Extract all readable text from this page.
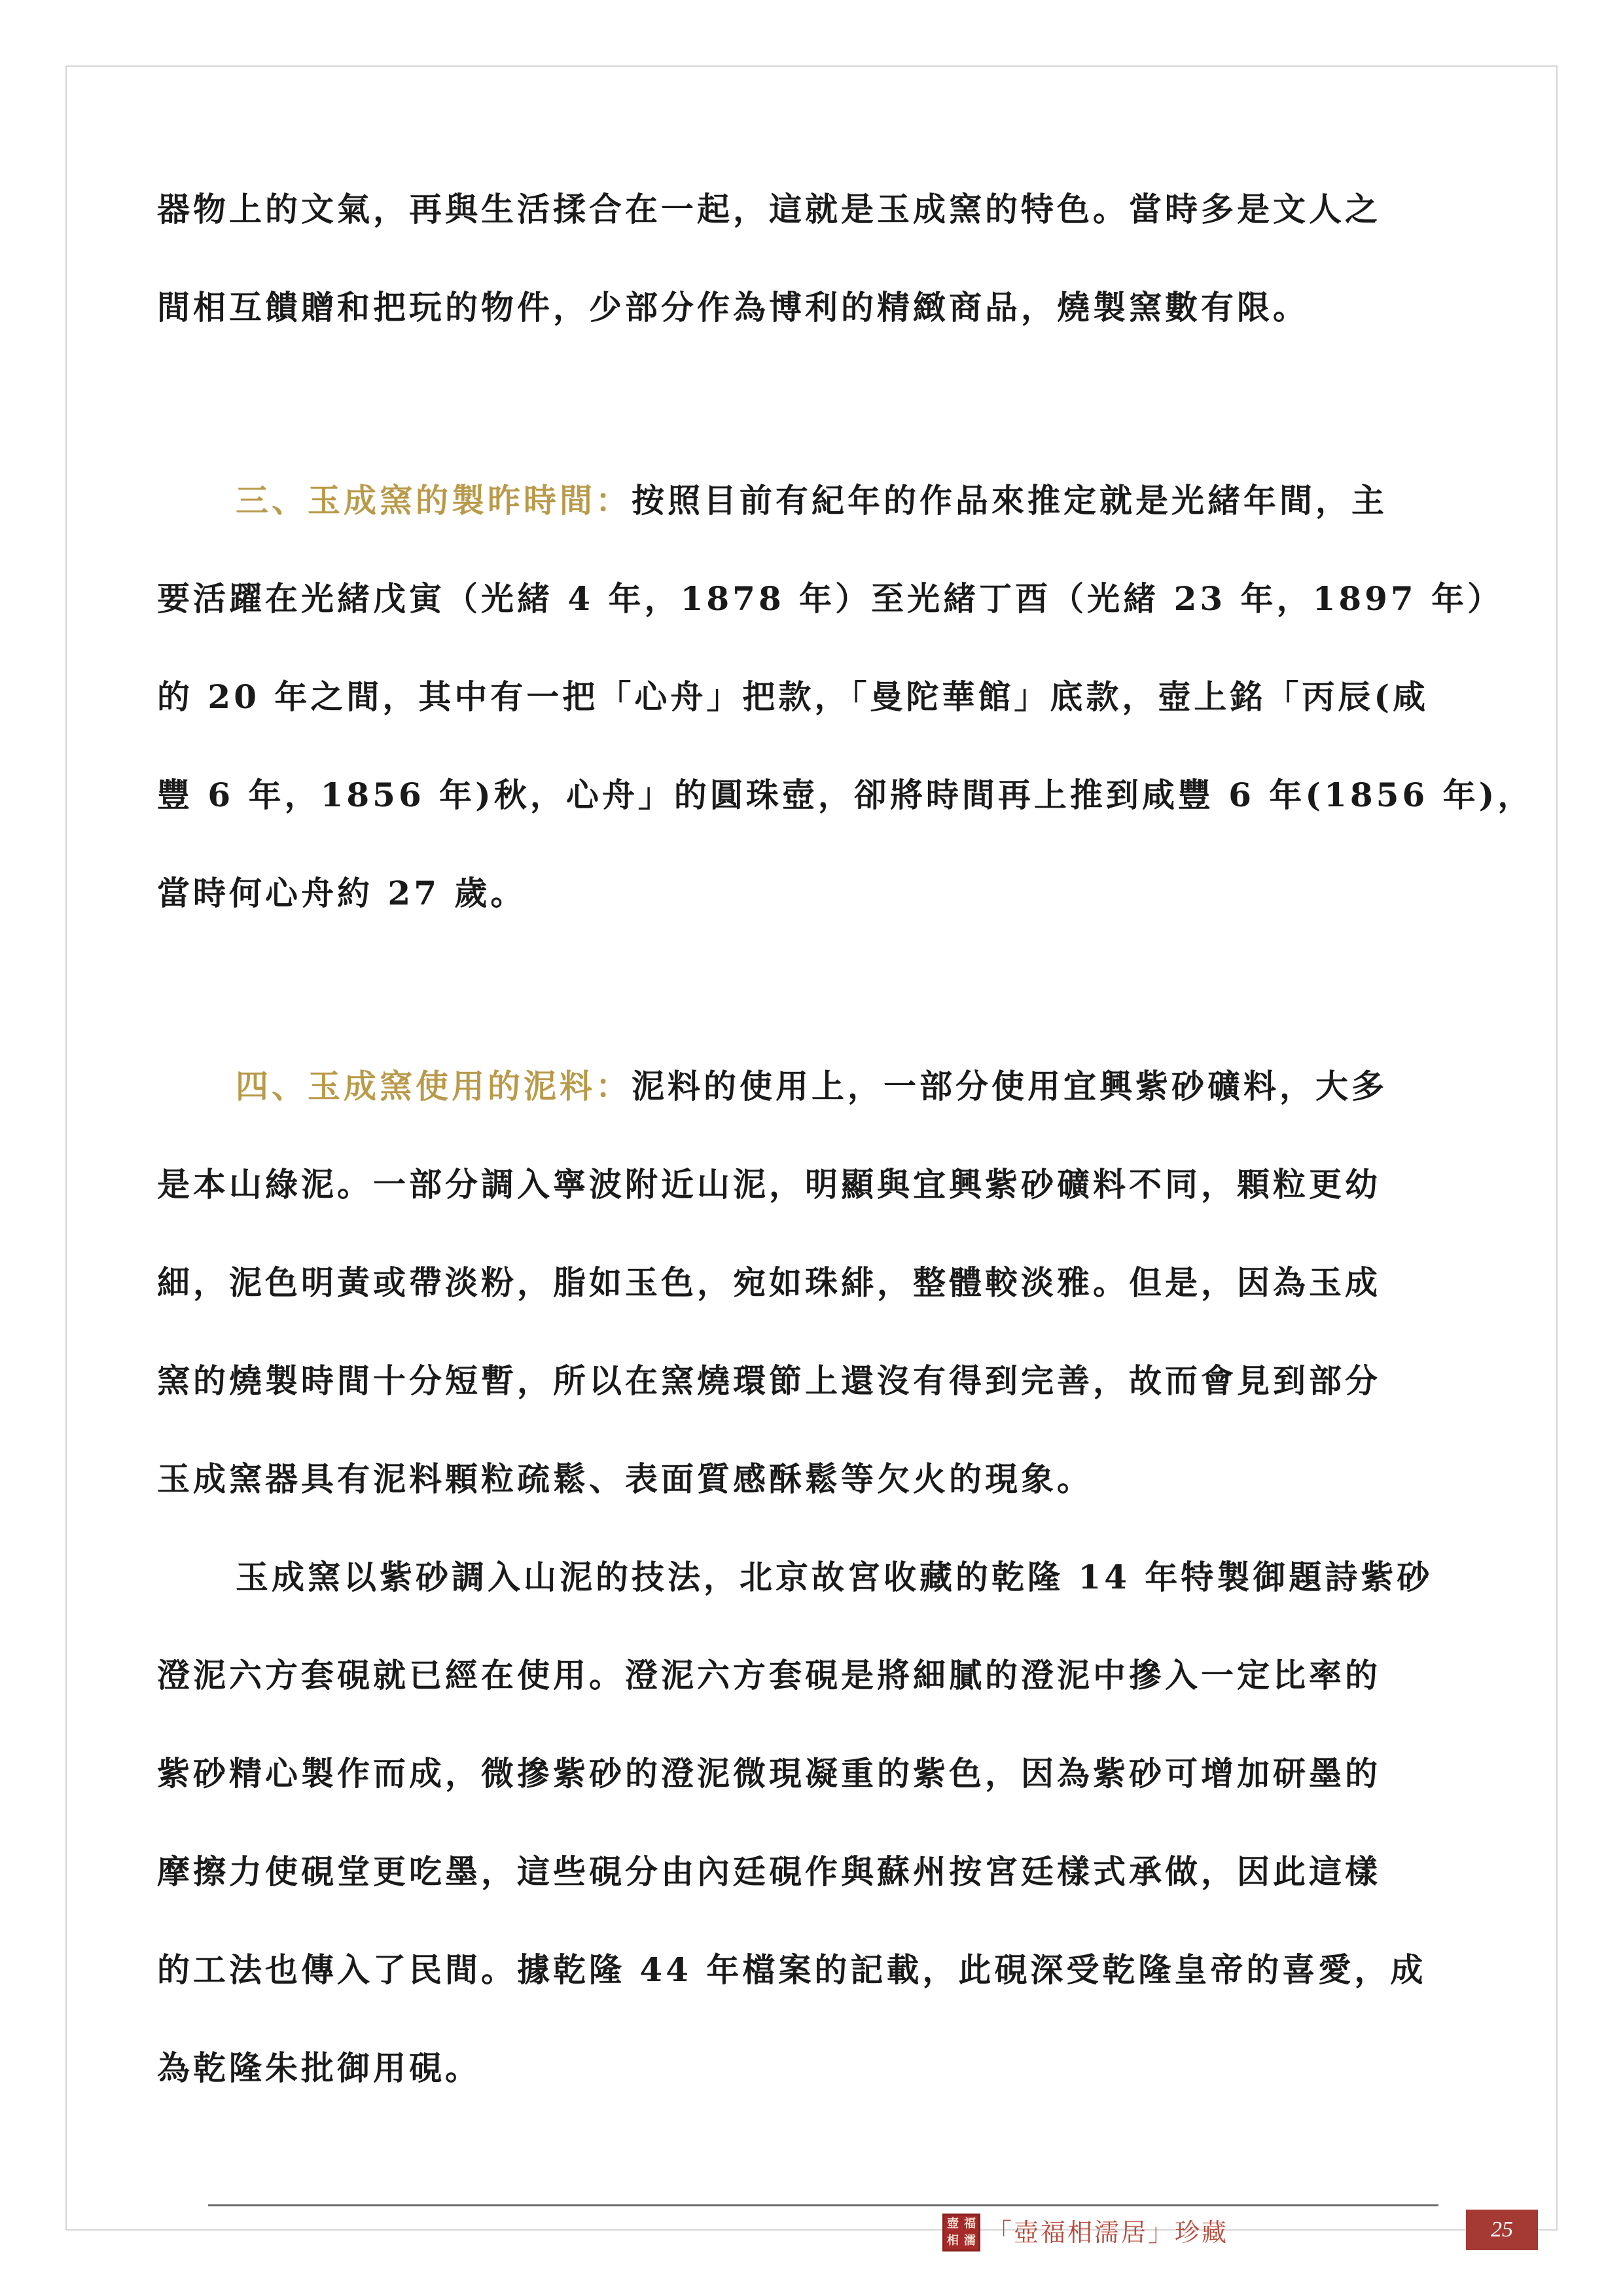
器物上的文氣，再與生活揉合在一起，這就是玉成窯的特色。當時多是文人之
間相互饋贈和把玩的物件，少部分作為博利的精緻商品，燒製窯數有限。
三、玉成窯的製昨時間：按照目前有紀年的作品來推定就是光緒年間，主
要活躍在光緒戊寅（光緒 4 年，1878 年）至光緒丁酉（光緒 23 年，1897 年）
的 20 年之間，其中有一把「心舟」把款，「曼陀華館」底款，壺上銘「丙辰(咸
豐 6 年，1856 年)秋，心舟」的圓珠壺，卻將時間再上推到咸豐 6 年(1856 年)，
當時何心舟約 27 歲。
四、玉成窯使用的泥料：泥料的使用上，一部分使用宜興紫砂礦料，大多
是本山綠泥。一部分調入寧波附近山泥，明顯與宜興紫砂礦料不同，顆粒更幼
細，泥色明黃或帶淡粉，脂如玉色，宛如珠緋，整體較淡雅。但是，因為玉成
窯的燒製時間十分短暫，所以在窯燒環節上還沒有得到完善，故而會見到部分
玉成窯器具有泥料顆粒疏鬆、表面質感酥鬆等欠火的現象。
玉成窯以紫砂調入山泥的技法，北京故宮收藏的乾隆 14 年特製御題詩紫砂
澄泥六方套硯就已經在使用。澄泥六方套硯是將細膩的澄泥中摻入一定比率的
紫砂精心製作而成，微摻紫砂的澄泥微現凝重的紫色，因為紫砂可增加研墨的
摩擦力使硯堂更吃墨，這些硯分由內廷硯作與蘇州按宮廷樣式承做，因此這樣
的工法也傳入了民間。據乾隆 44 年檔案的記載，此硯深受乾隆皇帝的喜愛，成
為乾隆朱批御用硯。
壺 福
相 濡 「壺福相濡居」珍藏	25
